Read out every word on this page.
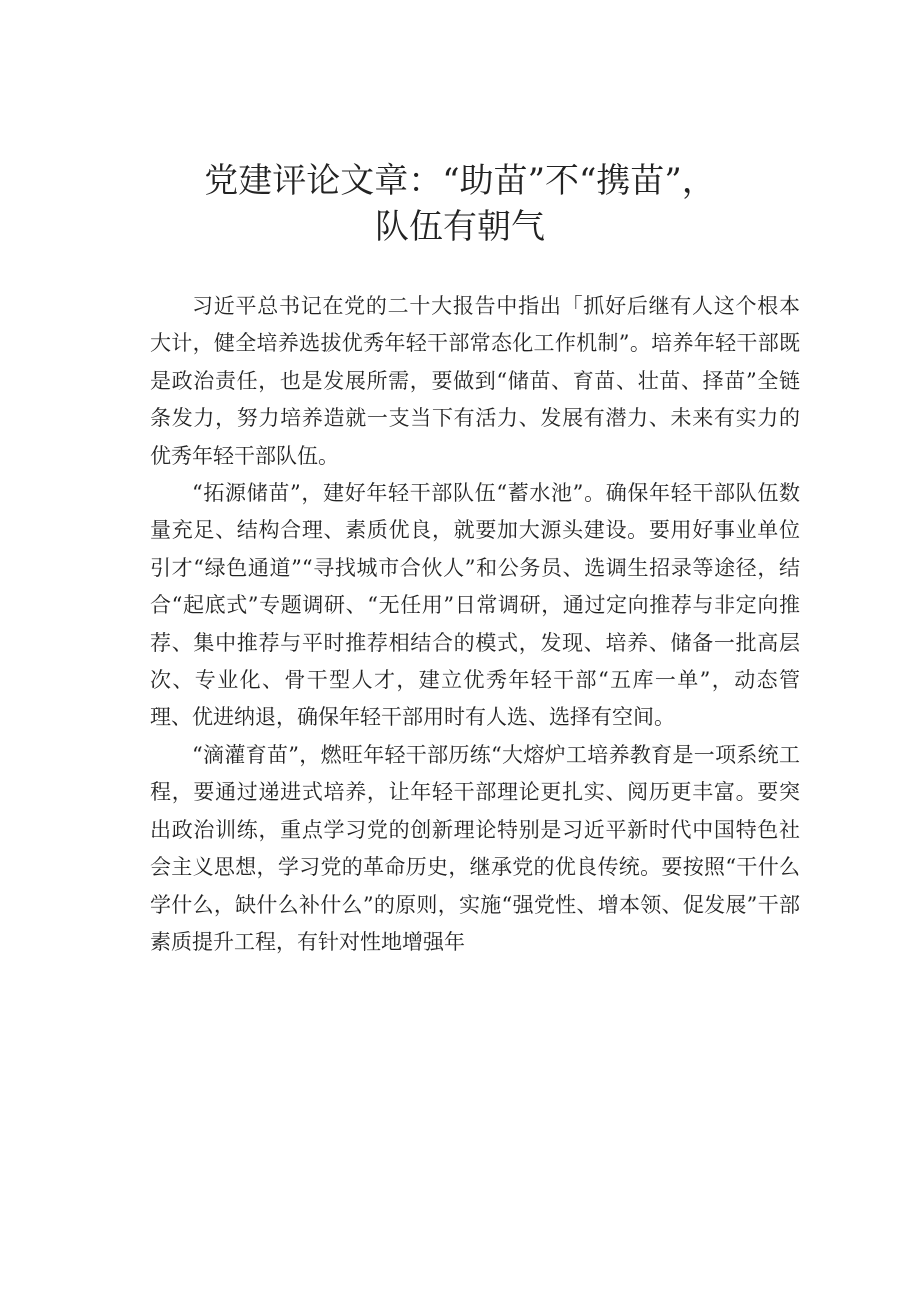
党建评论文章：“助苗”不“携苗”，
队伍有朝气

习近平总书记在党的二十大报告中指出「抓好后继有人这个根本大计，健全培养选拔优秀年轻干部常态化工作机制”。培养年轻干部既是政治责任，也是发展所需，要做到“储苗、育苗、壮苗、择苗”全链条发力，努力培养造就一支当下有活力、发展有潜力、未来有实力的优秀年轻干部队伍。

“拓源储苗”，建好年轻干部队伍“蓄水池”。确保年轻干部队伍数量充足、结构合理、素质优良，就要加大源头建设。要用好事业单位引才“绿色通道”“寻找城市合伙人”和公务员、选调生招录等途径，结合“起底式”专题调研、“无任用”日常调研，通过定向推荐与非定向推荐、集中推荐与平时推荐相结合的模式，发现、培养、储备一批高层次、专业化、骨干型人才，建立优秀年轻干部“五库一单”，动态管理、优进纳退，确保年轻干部用时有人选、选择有空间。

“滴灌育苗”，燃旺年轻干部历练“大熔炉工培养教育是一项系统工程，要通过递进式培养，让年轻干部理论更扎实、阅历更丰富。要突出政治训练，重点学习党的创新理论特别是习近平新时代中国特色社会主义思想，学习党的革命历史，继承党的优良传统。要按照“干什么学什么，缺什么补什么”的原则，实施“强党性、增本领、促发展”干部素质提升工程，有针对性地增强年
